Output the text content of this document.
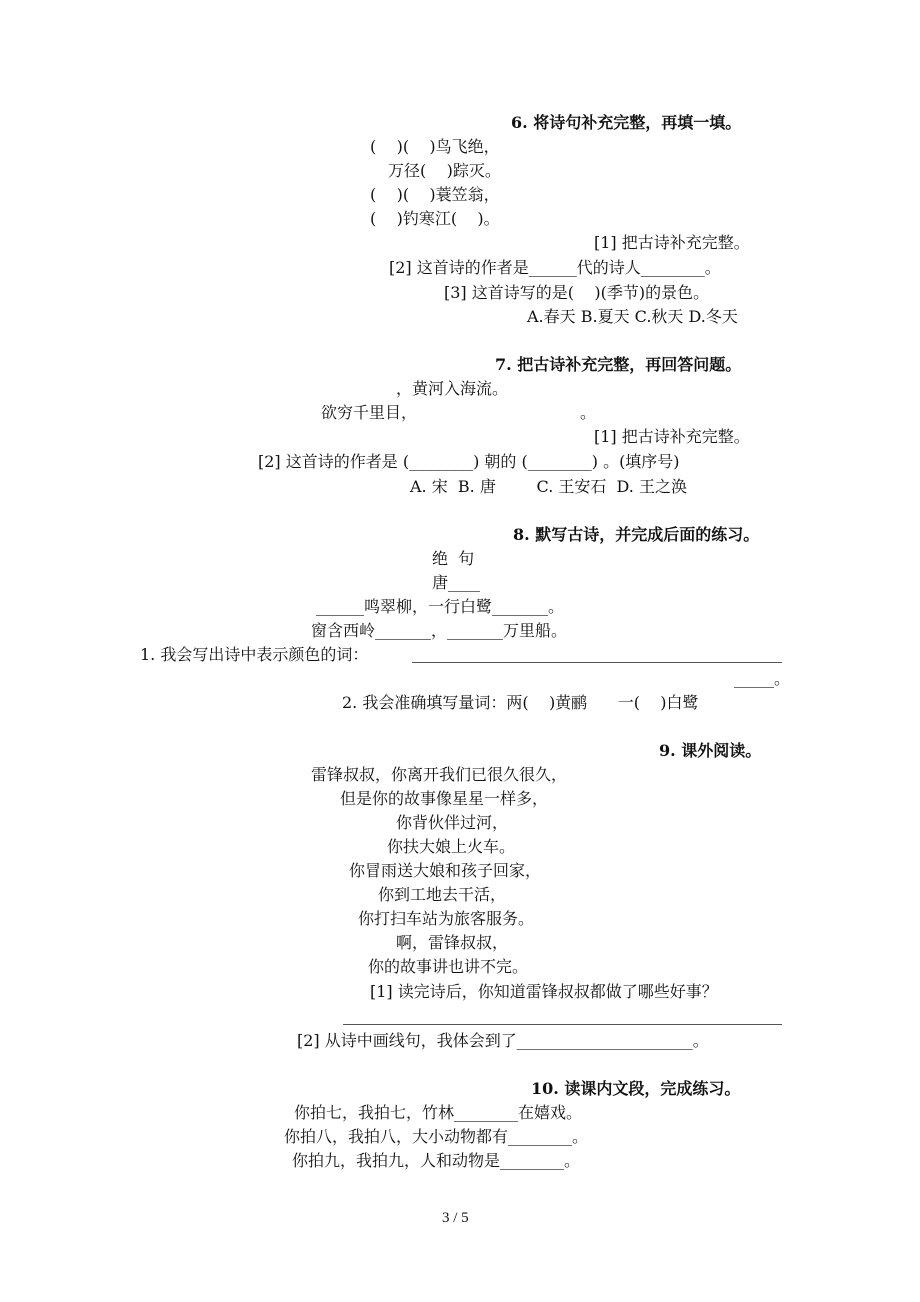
6. 将诗句补充完整，再填一填。
(    )(    )鸟飞绝，
万径(    )踪灭。
(    )(    )蓑笠翁，
(    )钓寒江(    )。
[1] 把古诗补充完整。
[2] 这首诗的作者是______代的诗人________。
[3] 这首诗写的是(    )(季节)的景色。
A.春天 B.夏天 C.秋天 D.冬天
7. 把古诗补充完整，再回答问题。
，黄河入海流。
欲穷千里目，	。
[1] 把古诗补充完整。
[2] 这首诗的作者是 (________) 朝的 (________) 。(填序号)
A. 宋  B. 唐        C. 王安石  D. 王之涣
8. 默写古诗，并完成后面的练习。
绝  句
唐____
______鸣翠柳，一行白鹭_______。
窗含西岭_______，_______万里船。
1. 我会写出诗中表示颜色的词：
_____。
2. 我会准确填写量词：两(    )黄鹂      一(    )白鹭
9. 课外阅读。
雷锋叔叔，你离开我们已很久很久，
但是你的故事像星星一样多，
你背伙伴过河，
你扶大娘上火车。
你冒雨送大娘和孩子回家，
你到工地去干活，
你打扫车站为旅客服务。
啊，雷锋叔叔，
你的故事讲也讲不完。
[1] 读完诗后，你知道雷锋叔叔都做了哪些好事？
[2] 从诗中画线句，我体会到了______________________。
10. 读课内文段，完成练习。
你拍七，我拍七，竹林________在嬉戏。
你拍八，我拍八，大小动物都有________。
你拍九，我拍九，人和动物是________。
3 / 5
